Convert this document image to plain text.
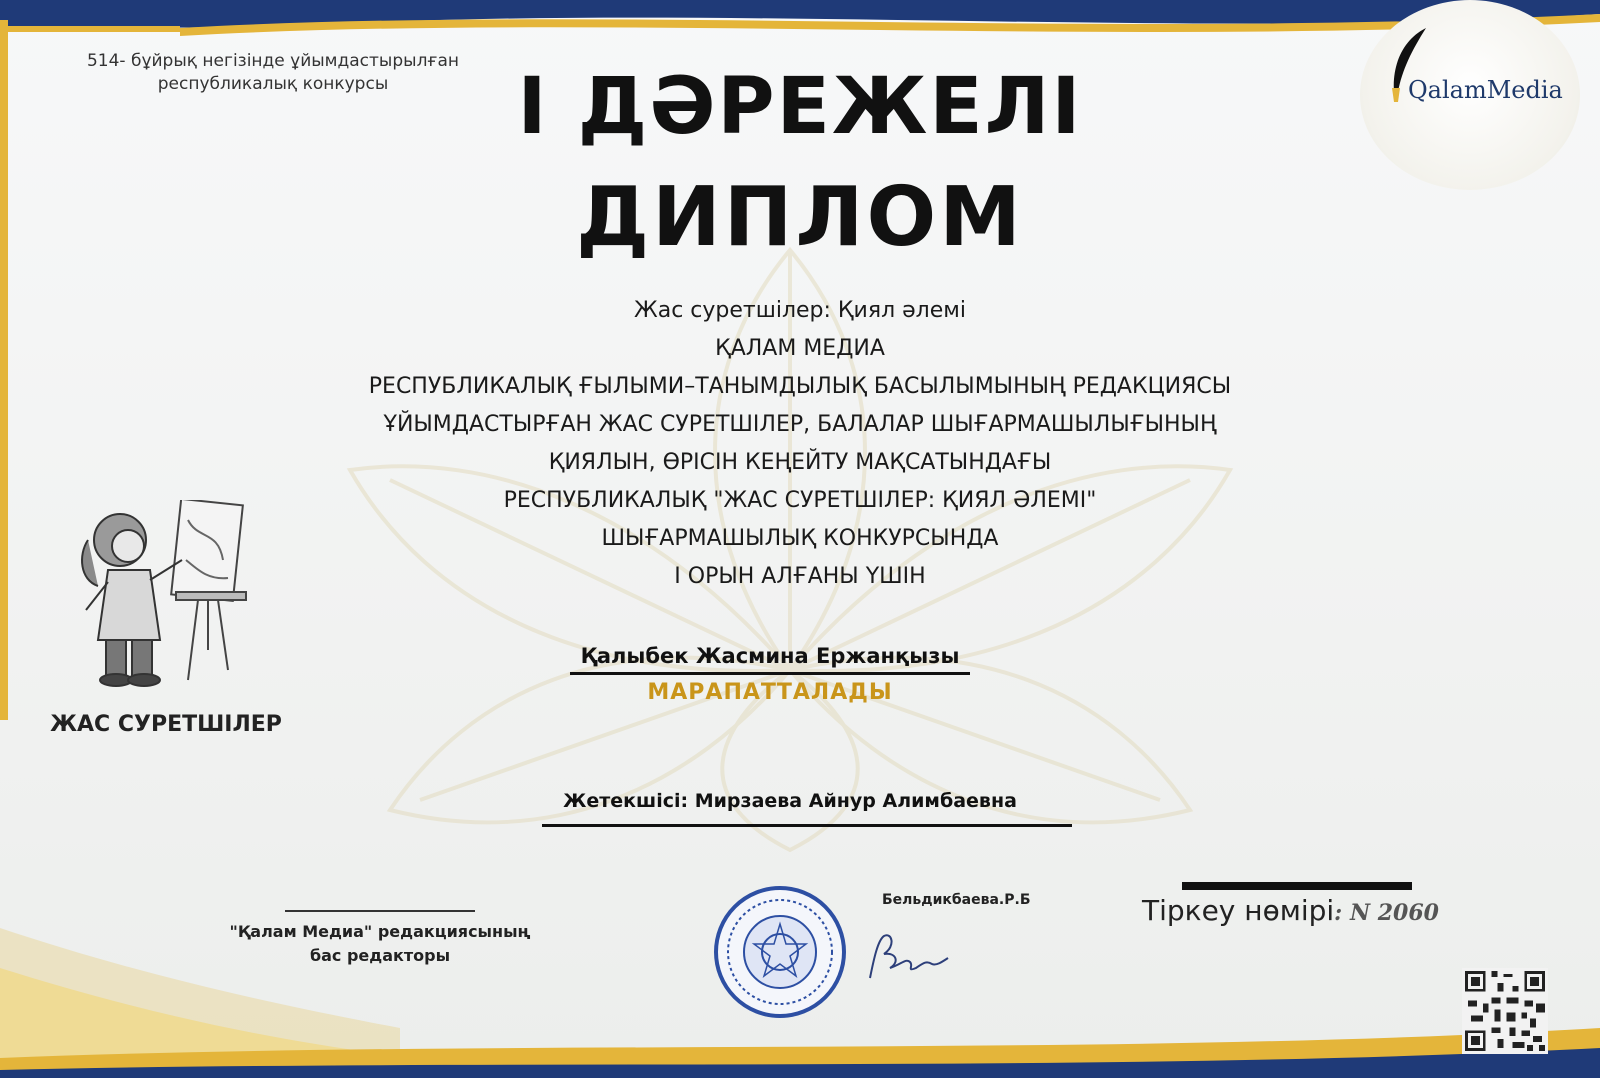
514- бұйрық негізінде ұйымдастырылған
республикалық конкурсы	QalamMedia
І ДӘРЕЖЕЛІ
ДИПЛОМ
Жас суретшілер: Қиял әлемі
ҚАЛАМ МЕДИА
РЕСПУБЛИКАЛЫҚ ҒЫЛЫМИ–ТАНЫМДЫЛЫҚ БАСЫЛЫМЫНЫҢ РЕДАКЦИЯСЫ
ҰЙЫМДАСТЫРҒАН ЖАС СУРЕТШІЛЕР, БАЛАЛАР ШЫҒАРМАШЫЛЫҒЫНЫҢ
ҚИЯЛЫН, ӨРІСІН КЕҢЕЙТУ МАҚСАТЫНДАҒЫ
РЕСПУБЛИКАЛЫҚ "ЖАС СУРЕТШІЛЕР: ҚИЯЛ ӘЛЕМІ"
ШЫҒАРМАШЫЛЫҚ КОНКУРСЫНДА
І ОРЫН АЛҒАНЫ ҮШІН
ЖАС СУРЕТШІЛЕР
Қалыбек Жасмина Ержанқызы
МАРАПАТТАЛАДЫ
Жетекшісі: Мирзаева Айнур Алимбаевна
"Қалам Медиа" редакциясының
бас редакторы
Бельдикбаева.Р.Б	Тіркеу нөмірі: N 2060
